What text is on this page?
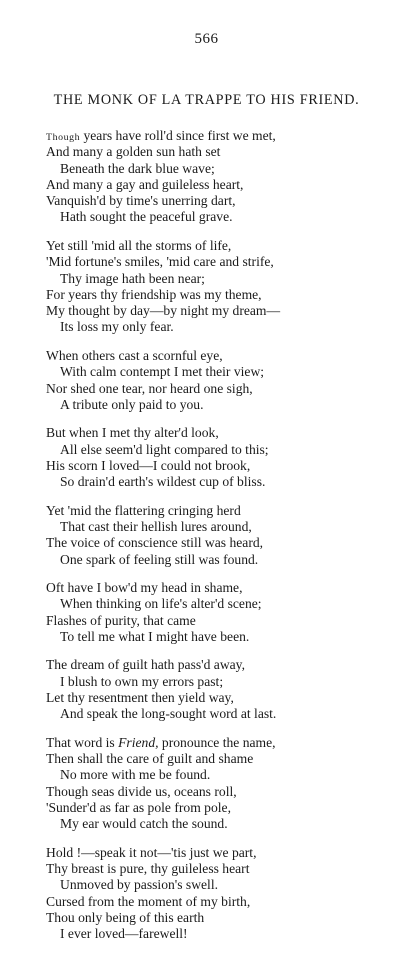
566
THE MONK OF LA TRAPPE TO HIS FRIEND.
Though years have roll'd since first we met,
And many a golden sun hath set
Beneath the dark blue wave;
And many a gay and guileless heart,
Vanquish'd by time's unerring dart,
Hath sought the peaceful grave.
Yet still 'mid all the storms of life,
'Mid fortune's smiles, 'mid care and strife,
Thy image hath been near;
For years thy friendship was my theme,
My thought by day—by night my dream—
Its loss my only fear.
When others cast a scornful eye,
With calm contempt I met their view;
Nor shed one tear, nor heard one sigh,
A tribute only paid to you.
But when I met thy alter'd look,
All else seem'd light compared to this;
His scorn I loved—I could not brook,
So drain'd earth's wildest cup of bliss.
Yet 'mid the flattering cringing herd
That cast their hellish lures around,
The voice of conscience still was heard,
One spark of feeling still was found.
Oft have I bow'd my head in shame,
When thinking on life's alter'd scene;
Flashes of purity, that came
To tell me what I might have been.
The dream of guilt hath pass'd away,
I blush to own my errors past;
Let thy resentment then yield way,
And speak the long-sought word at last.
That word is Friend, pronounce the name,
Then shall the care of guilt and shame
No more with me be found.
Though seas divide us, oceans roll,
'Sunder'd as far as pole from pole,
My ear would catch the sound.
Hold !—speak it not—'tis just we part,
Thy breast is pure, thy guileless heart
Unmoved by passion's swell.
Cursed from the moment of my birth,
Thou only being of this earth
I ever loved—farewell!
